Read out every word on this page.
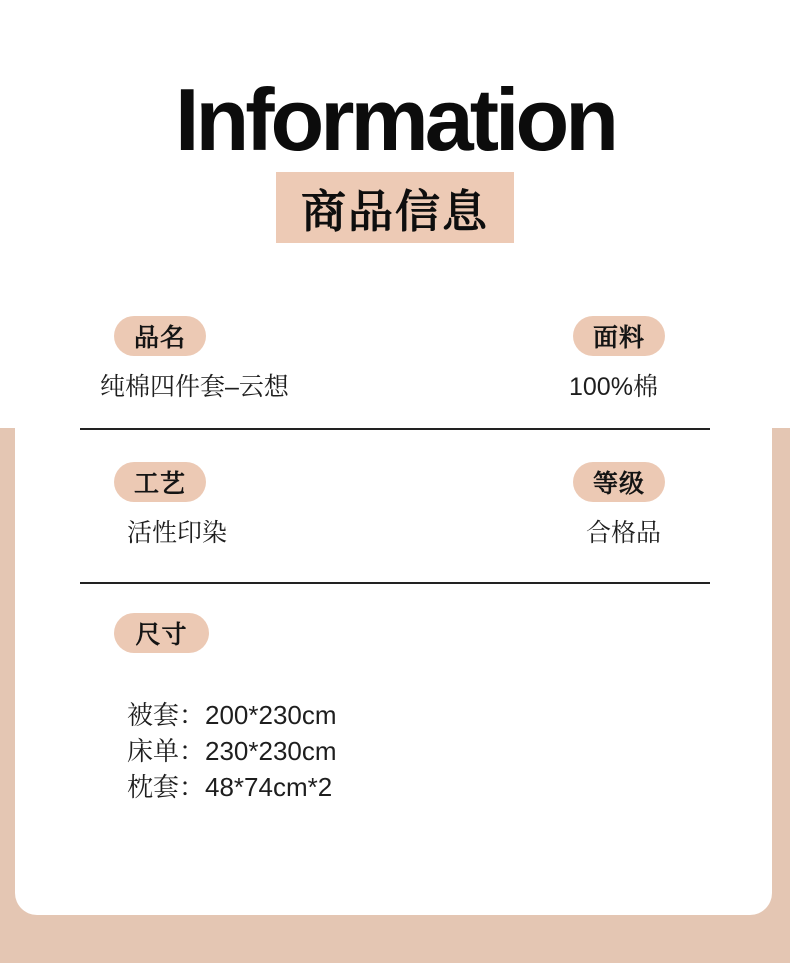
Information
商品信息
品名	面料
纯棉四件套–云想	100%棉
工艺	等级
活性印染	合格品
尺寸
被套：200*230cm
床单：230*230cm
枕套：48*74cm*2
